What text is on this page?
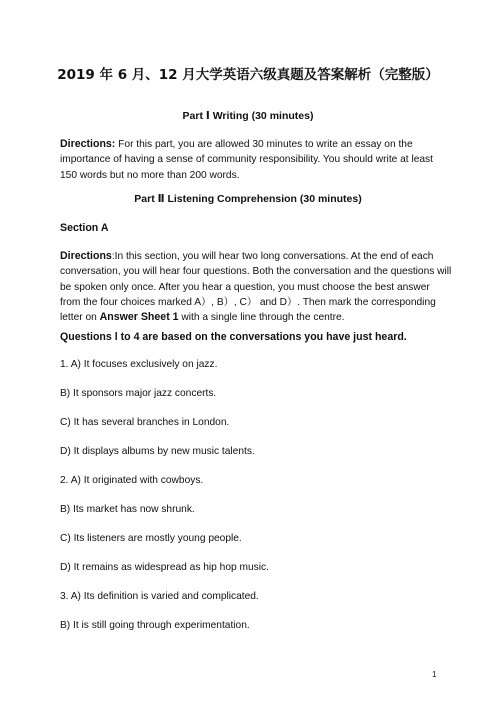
2019 年 6 月、12 月大学英语六级真题及答案解析（完整版）
Part Ⅰ Writing (30 minutes)
Directions: For this part, you are allowed 30 minutes to write an essay on the importance of having a sense of community responsibility. You should write at least 150 words but no more than 200 words.
Part Ⅱ Listening Comprehension (30 minutes)
Section A
Directions:In this section, you will hear two long conversations. At the end of each conversation, you will hear four questions. Both the conversation and the questions will be spoken only once. After you hear a question, you must choose the best answer from the four choices marked A）, B）, C） and D）. Then mark the corresponding letter on Answer Sheet 1 with a single line through the centre.
Questions l to 4 are based on the conversations you have just heard.
1. A) It focuses exclusively on jazz.
B) It sponsors major jazz concerts.
C) It has several branches in London.
D) It displays albums by new music talents.
2. A) It originated with cowboys.
B) Its market has now shrunk.
C) Its listeners are mostly young people.
D) It remains as widespread as hip hop music.
3. A) Its definition is varied and complicated.
B) It is still going through experimentation.
1
